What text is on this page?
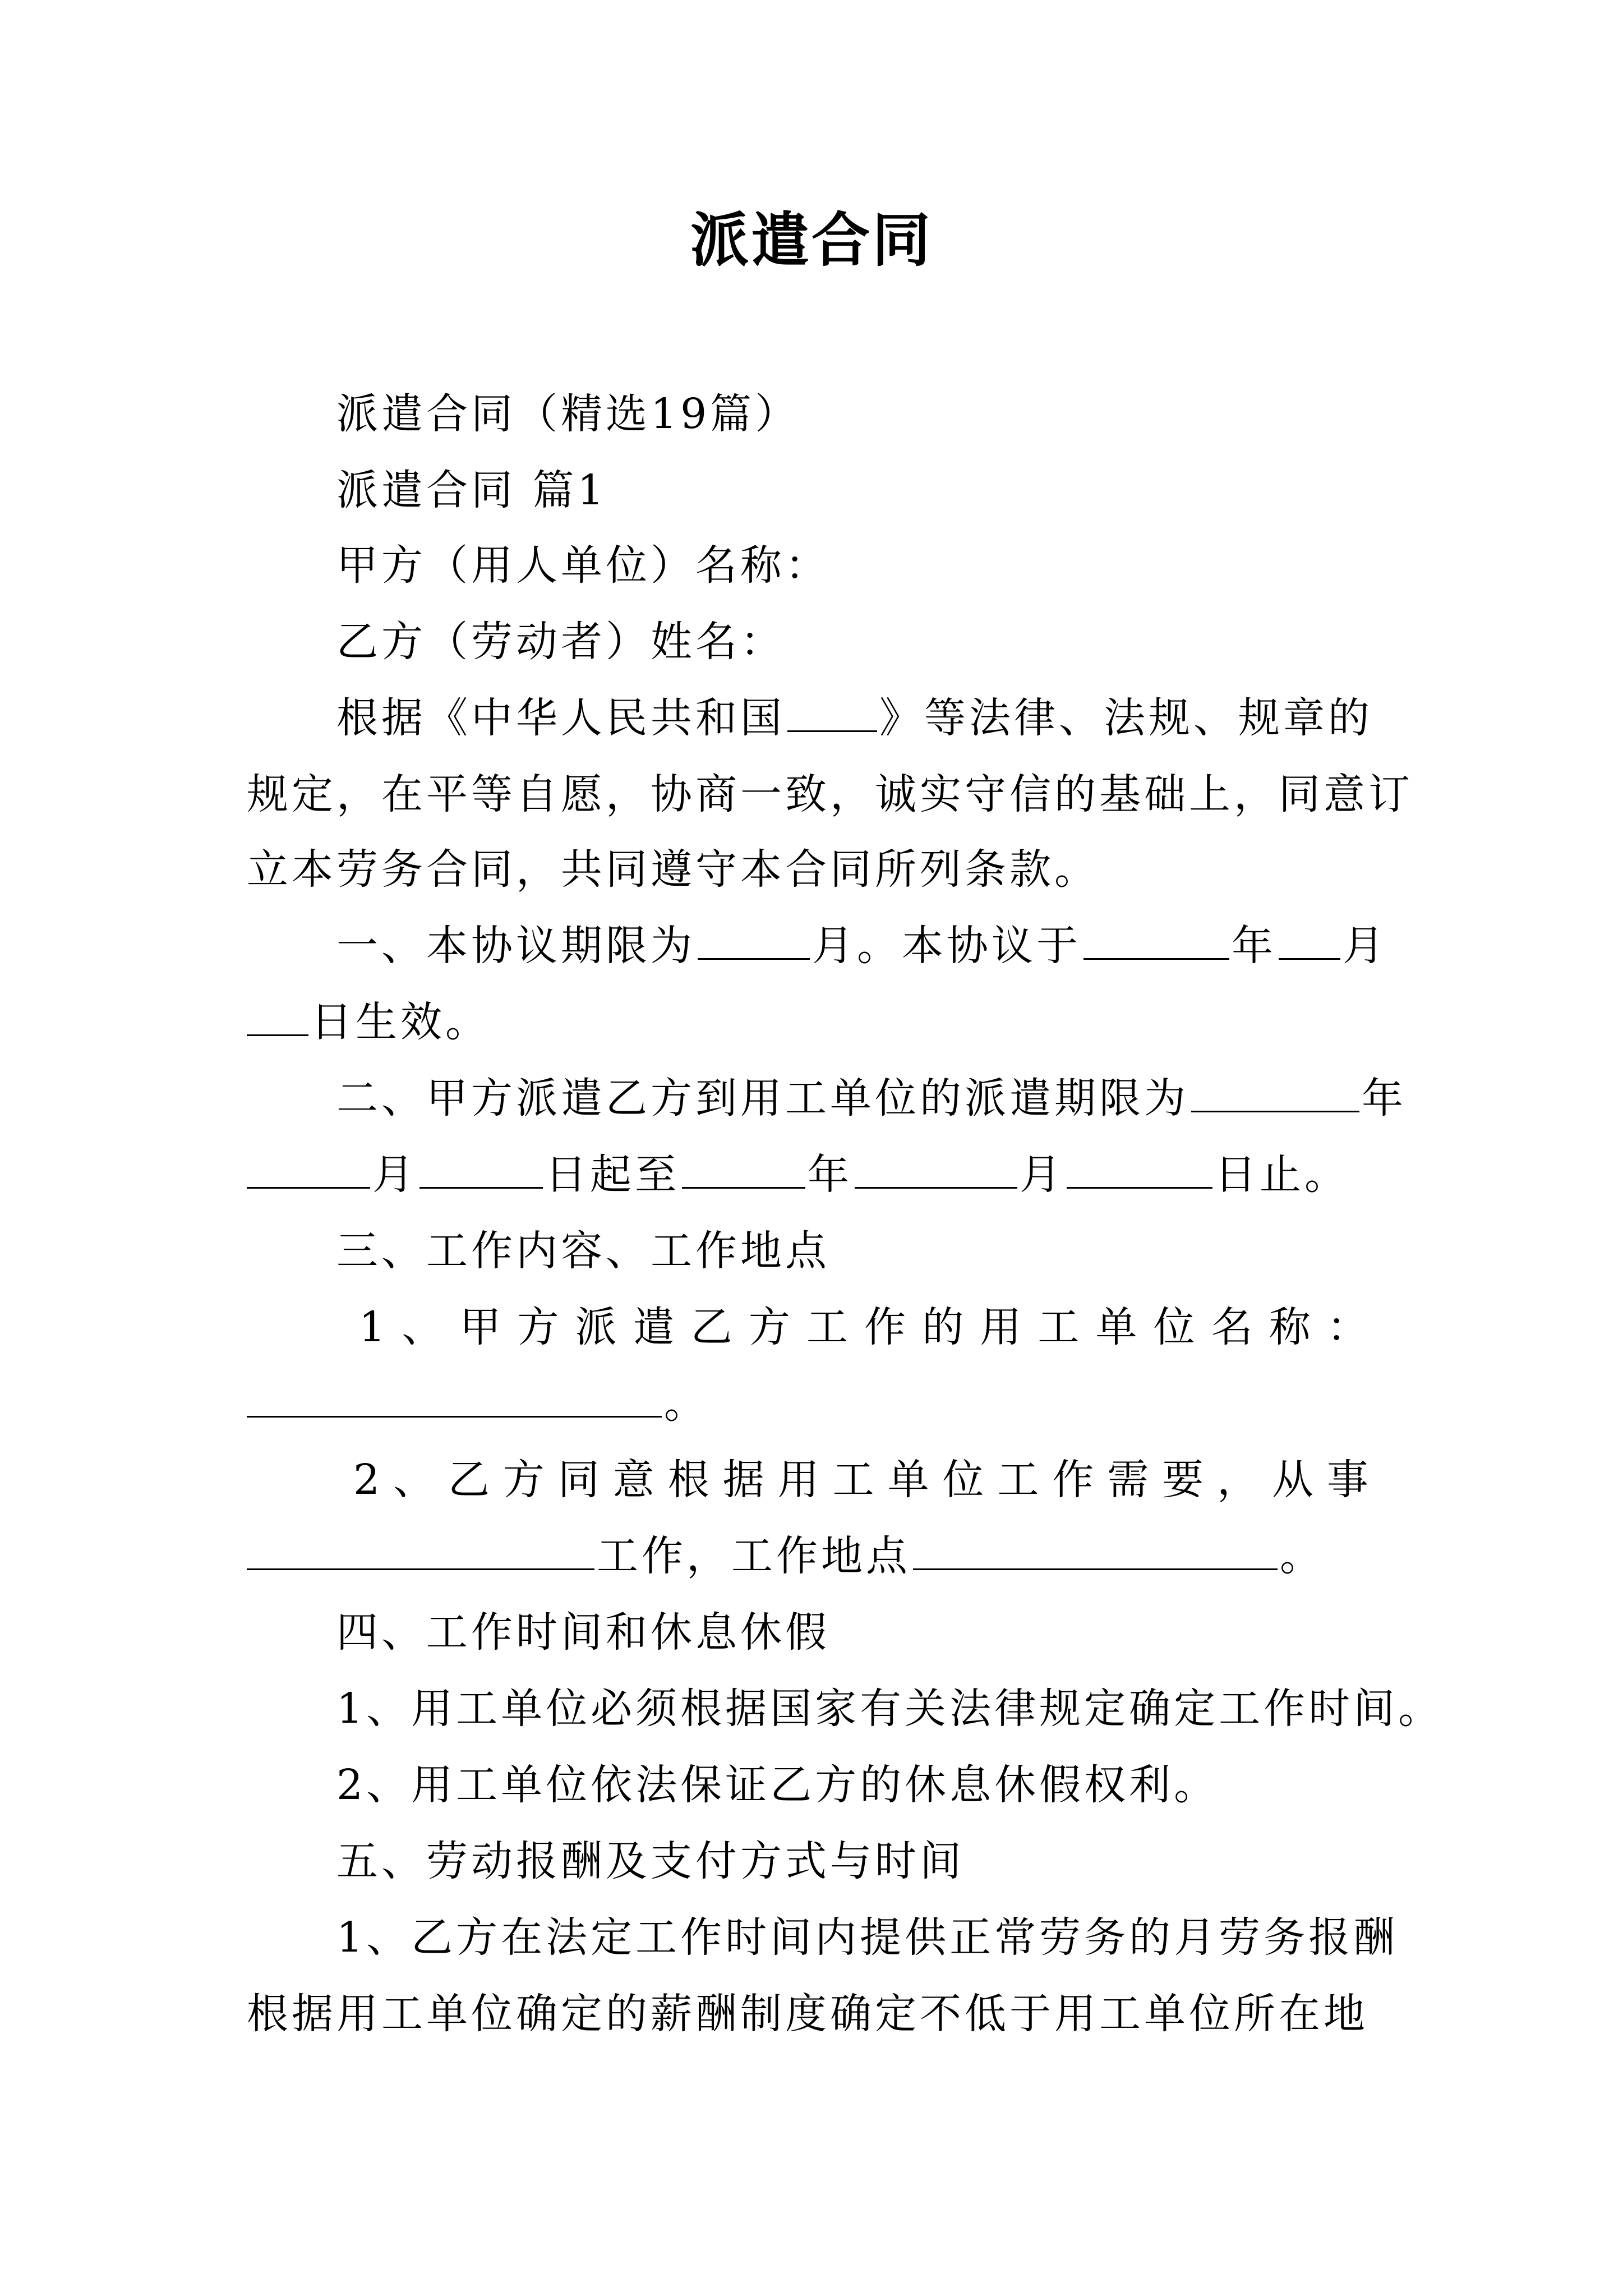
派遣合同
派遣合同（精选19篇）
派遣合同 篇1
甲方（用人单位）名称：
乙方（劳动者）姓名：
根据《中华人民共和国 》等法律、法规、规章的
规定，在平等自愿，协商一致，诚实守信的基础上，同意订
立本劳务合同，共同遵守本合同所列条款。
一、本协议期限为	月。本协议于	年 月
日生效。
二、甲方派遣乙方到用工单位的派遣期限为	年
月	日起至	年	月	日止。
三、工作内容、工作地点
1 、 甲 方 派 遣 乙 方 工 作 的 用 工 单 位 名 称 ：
。
2 、 乙 方 同 意 根 据 用 工 单 位 工 作 需 要 ， 从 事
工作，工作地点	。
四、工作时间和休息休假
1、用工单位必须根据国家有关法律规定确定工作时间。
2、用工单位依法保证乙方的休息休假权利。
五、劳动报酬及支付方式与时间
1、乙方在法定工作时间内提供正常劳务的月劳务报酬
根据用工单位确定的薪酬制度确定不低于用工单位所在地
